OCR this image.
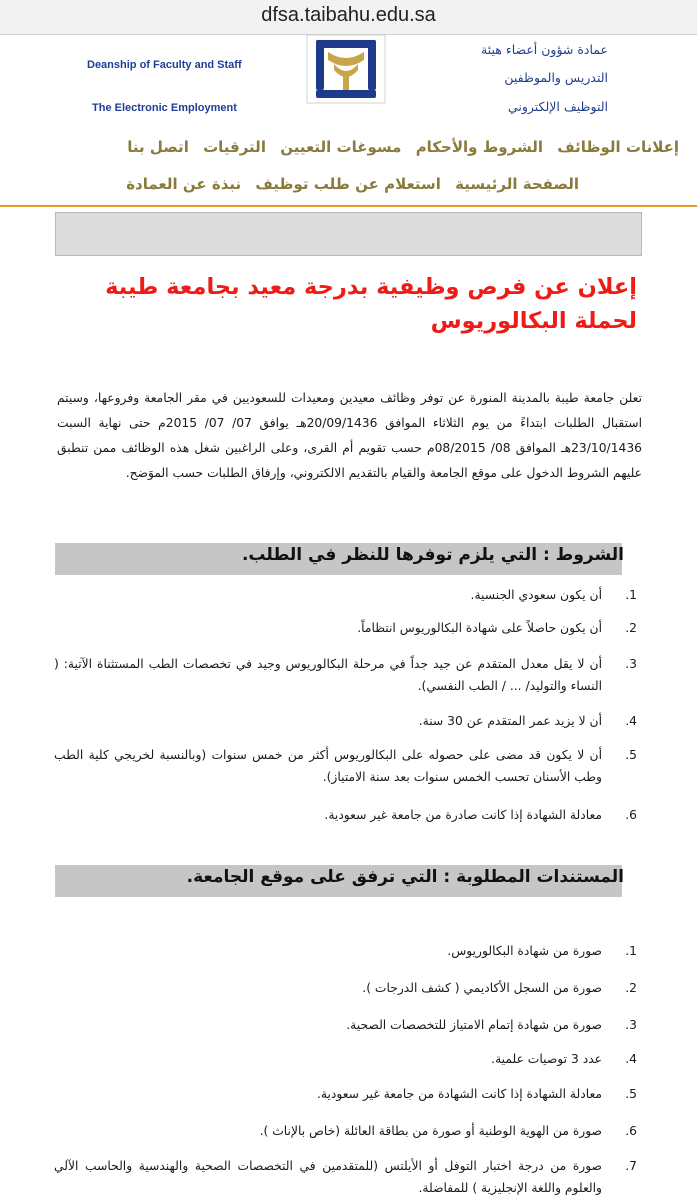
dfsa.taibahu.edu.sa
Deanship of Faculty and Staff
The Electronic Employment
عمادة شؤون أعضاء هيئة
التدريس والموظفين
التوظيف الإلكتروني
إعلانات الوظائف الشروط والأحكام مسوغات التعيين الترقيات اتصل بنا
الصفحة الرئيسية استعلام عن طلب توظيف نبذة عن العمادة
إعلان عن فرص وظيفية بدرجة معيد بجامعة طيبة لحملة البكالوريوس
تعلن جامعة طيبة بالمدينة المنورة عن توفر وظائف معيدين ومعيدات للسعوديين في مقر الجامعة وفروعها، وسيتم استقبال الطلبات ابتداءً من يوم الثلاثاء الموافق 20/09/1436هـ يوافق 07/ 07/ 2015م حتى نهاية السبت 23/10/1436هـ الموافق 08/ 08/2015م حسب تقويم أم القرى، وعلى الراغبين شغل هذه الوظائف ممن تنطبق عليهم الشروط الدخول على موقع الجامعة والقيام بالتقديم الالكتروني، وإرفاق الطلبات حسب الموَضح.
الشروط : التي يلزم توفرها للنظر في الطلب.
1.
أن يكون سعودي الجنسية.
2.
أن يكون حاصلاً على شهادة البكالوريوس انتظاماً.
3.
أن لا يقل معدل المتقدم عن جيد جداً في مرحلة البكالوريوس وجيد في تخصصات الطب المستثناة الآتية: ( النساء والتوليد/ ... / الطب النفسي).
4.
أن لا يزيد عمر المتقدم عن 30 سنة.
5.
أن لا يكون قد مضى على حصوله على البكالوريوس أكثر من خمس سنوات (وبالنسبة لخريجي كلية الطب وطب الأسنان تحسب الخمس سنوات بعد سنة الامتياز).
6.
معادلة الشهادة إذا كانت صادرة من جامعة غير سعودية.
المستندات المطلوبة : التي ترفق على موقع الجامعة.
1.
صورة من شهادة البكالوريوس.
2.
صورة من السجل الأكاديمي ( كشف الدرجات ).
3.
صورة من شهادة إتمام الامتياز للتخصصات الصحية.
4.
عدد 3 توصيات علمية.
5.
معادلة الشهادة إذا كانت الشهادة من جامعة غير سعودية.
6.
صورة من الهوية الوطنية أو صورة من بطاقة العائلة (خاص بالإناث ).
7.
صورة من درجة اختبار التوفل أو الأيلتس (للمتقدمين في التخصصات الصحية والهندسية والحاسب الآلي والعلوم واللغة الإنجليزية ) للمفاضلة.
